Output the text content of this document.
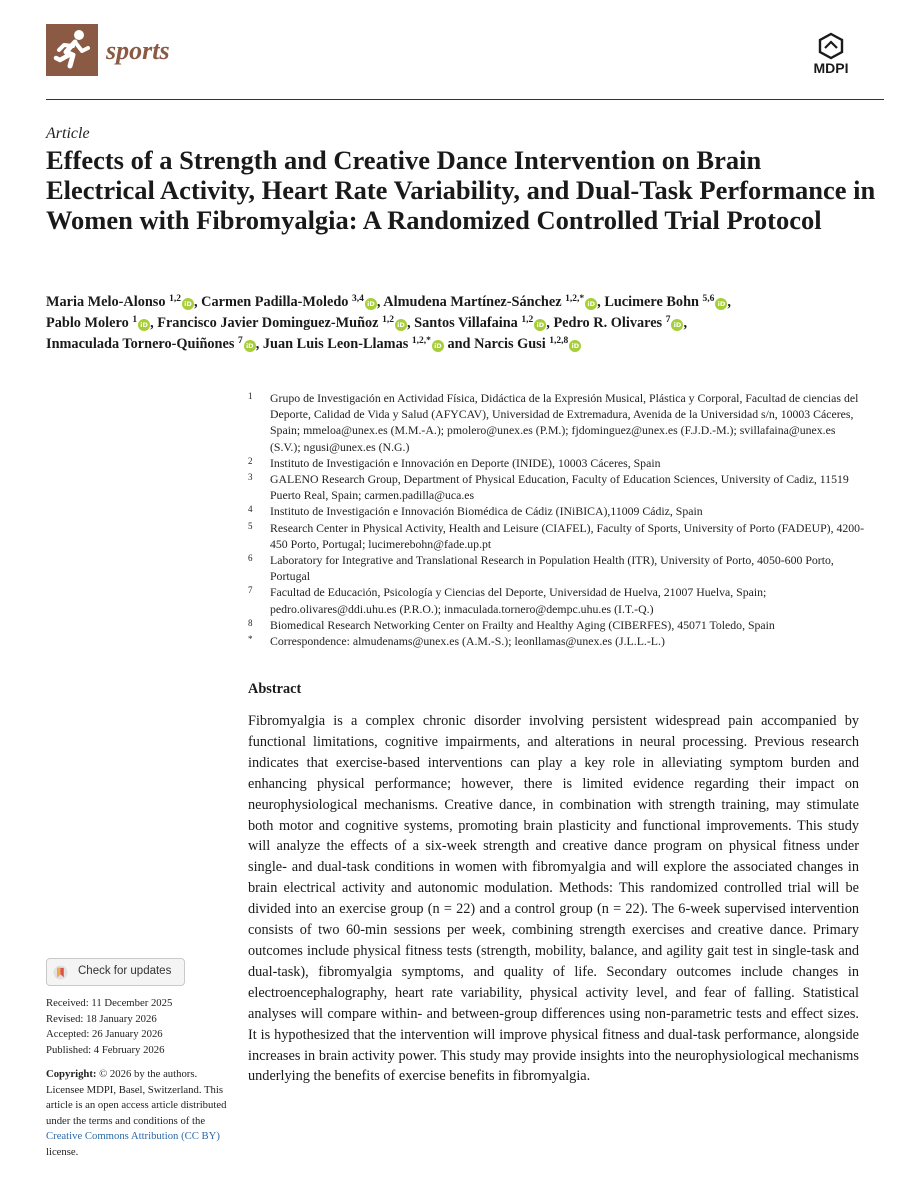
sports
MDPI
Article
Effects of a Strength and Creative Dance Intervention on Brain Electrical Activity, Heart Rate Variability, and Dual-Task Performance in Women with Fibromyalgia: A Randomized Controlled Trial Protocol
Maria Melo-Alonso $^{1,2}$ iD , Carmen Padilla-Moledo $^{3,4}$ iD , Almudena Martínez-Sánchez $^{1,2,*}$ iD , Lucimere Bohn $^{5,6}$ iD ,
Pablo Molero $^1$ iD , Francisco Javier Dominguez-Muñoz $^{1,2}$ iD , Santos Villafaina $^{1,2}$ iD , Pedro R. Olivares $^7$ iD ,
Inmaculada Tornero-Quiñones $^7$ iD , Juan Luis Leon-Llamas $^{1,2,*}$ iD and Narcis Gusi $^{1,2,8}$ iD
1	Grupo de Investigación en Actividad Física, Didáctica de la Expresión Musical, Plástica y Corporal, Facultad de ciencias del Deporte, Calidad de Vida y Salud (AFYCAV), Universidad de Extremadura, Avenida de la Universidad s/n, 10003 Cáceres, Spain; mmeloa@unex.es (M.M.-A.); pmolero@unex.es (P.M.); fjdominguez@unex.es (F.J.D.-M.); svillafaina@unex.es (S.V.); ngusi@unex.es (N.G.)
2	Instituto de Investigación e Innovación en Deporte (INIDE), 10003 Cáceres, Spain
3	GALENO Research Group, Department of Physical Education, Faculty of Education Sciences, University of Cadiz, 11519 Puerto Real, Spain; carmen.padilla@uca.es
4	Instituto de Investigación e Innovación Biomédica de Cádiz (INiBICA),11009 Cádiz, Spain
5	Research Center in Physical Activity, Health and Leisure (CIAFEL), Faculty of Sports, University of Porto (FADEUP), 4200-450 Porto, Portugal; lucimerebohn@fade.up.pt
6	Laboratory for Integrative and Translational Research in Population Health (ITR), University of Porto, 4050-600 Porto, Portugal
7	Facultad de Educación, Psicología y Ciencias del Deporte, Universidad de Huelva, 21007 Huelva, Spain; pedro.olivares@ddi.uhu.es (P.R.O.); inmaculada.tornero@dempc.uhu.es (I.T.-Q.)
8	Biomedical Research Networking Center on Frailty and Healthy Aging (CIBERFES), 45071 Toledo, Spain
*	Correspondence: almudenams@unex.es (A.M.-S.); leonllamas@unex.es (J.L.L.-L.)
Abstract

Fibromyalgia is a complex chronic disorder involving persistent widespread pain accompanied by functional limitations, cognitive impairments, and alterations in neural processing. Previous research indicates that exercise-based interventions can play a key role in alleviating symptom burden and enhancing physical performance; however, there is limited evidence regarding their impact on neurophysiological mechanisms. Creative dance, in combination with strength training, may stimulate both motor and cognitive systems, promoting brain plasticity and functional improvements. This study will analyze the effects of a six-week strength and creative dance program on physical fitness under single- and dual-task conditions in women with fibromyalgia and will explore the associated changes in brain electrical activity and autonomic modulation. Methods: This randomized controlled trial will be divided into an exercise group (n = 22) and a control group (n = 22). The 6-week supervised intervention consists of two 60-min sessions per week, combining strength exercises and creative dance. Primary outcomes include physical fitness tests (strength, mobility, balance, and agility gait test in single-task and dual-task), fibromyalgia symptoms, and quality of life. Secondary outcomes include changes in electroencephalography, heart rate variability, physical activity level, and fear of falling. Statistical analyses will compare within- and between-group differences using non-parametric tests and effect sizes. It is hypothesized that the intervention will improve physical fitness and dual-task performance, alongside increases in brain activity power. This study may provide insights into the neurophysiological mechanisms underlying the benefits of exercise benefits in fibromyalgia.

Check for updates
Received: 11 December 2025
Revised: 18 January 2026
Accepted: 26 January 2026
Published: 4 February 2026
Copyright: © 2026 by the authors. Licensee MDPI, Basel, Switzerland. This article is an open access article distributed under the terms and conditions of the Creative Commons Attribution (CC BY) license.
